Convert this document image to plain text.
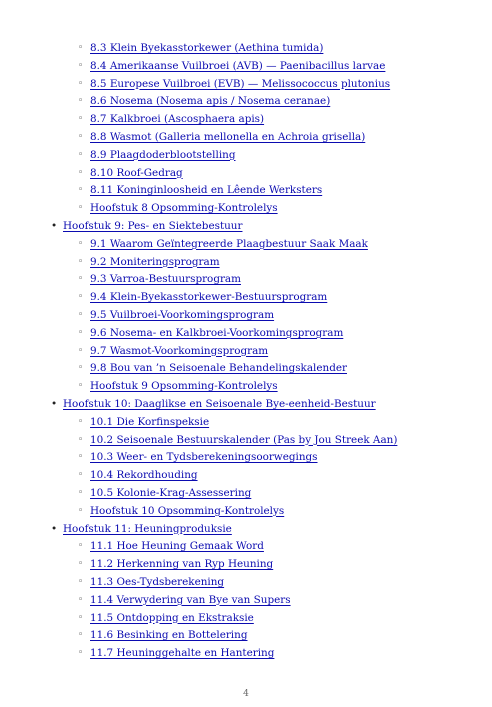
◦ 8.3 Klein Byekasstorkewer (Aethina tumida)
◦ 8.4 Amerikaanse Vuilbroei (AVB) — Paenibacillus larvae
◦ 8.5 Europese Vuilbroei (EVB) — Melissococcus plutonius
◦ 8.6 Nosema (Nosema apis / Nosema ceranae)
◦ 8.7 Kalkbroei (Ascosphaera apis)
◦ 8.8 Wasmot (Galleria mellonella en Achroia grisella)
◦ 8.9 Plaagdoderblootstelling
◦ 8.10 Roof-Gedrag
◦ 8.11 Koninginloosheid en Lêende Werksters
◦ Hoofstuk 8 Opsomming-Kontrolelys
• Hoofstuk 9: Pes- en Siektebestuur
◦ 9.1 Waarom Geïntegreerde Plaagbestuur Saak Maak
◦ 9.2 Moniteringsprogram
◦ 9.3 Varroa-Bestuursprogram
◦ 9.4 Klein-Byekasstorkewer-Bestuursprogram
◦ 9.5 Vuilbroei-Voorkomingsprogram
◦ 9.6 Nosema- en Kalkbroei-Voorkomingsprogram
◦ 9.7 Wasmot-Voorkomingsprogram
◦ 9.8 Bou van ’n Seisoenale Behandelingskalender
◦ Hoofstuk 9 Opsomming-Kontrolelys
• Hoofstuk 10: Daaglikse en Seisoenale Bye-eenheid-Bestuur
◦ 10.1 Die Korfinspeksie
◦ 10.2 Seisoenale Bestuurskalender (Pas by Jou Streek Aan)
◦ 10.3 Weer- en Tydsberekeningsoorwegings
◦ 10.4 Rekordhouding
◦ 10.5 Kolonie-Krag-Assessering
◦ Hoofstuk 10 Opsomming-Kontrolelys
• Hoofstuk 11: Heuningproduksie
◦ 11.1 Hoe Heuning Gemaak Word
◦ 11.2 Herkenning van Ryp Heuning
◦ 11.3 Oes-Tydsberekening
◦ 11.4 Verwydering van Bye van Supers
◦ 11.5 Ontdopping en Ekstraksie
◦ 11.6 Besinking en Bottelering
◦ 11.7 Heuninggehalte en Hantering
4
